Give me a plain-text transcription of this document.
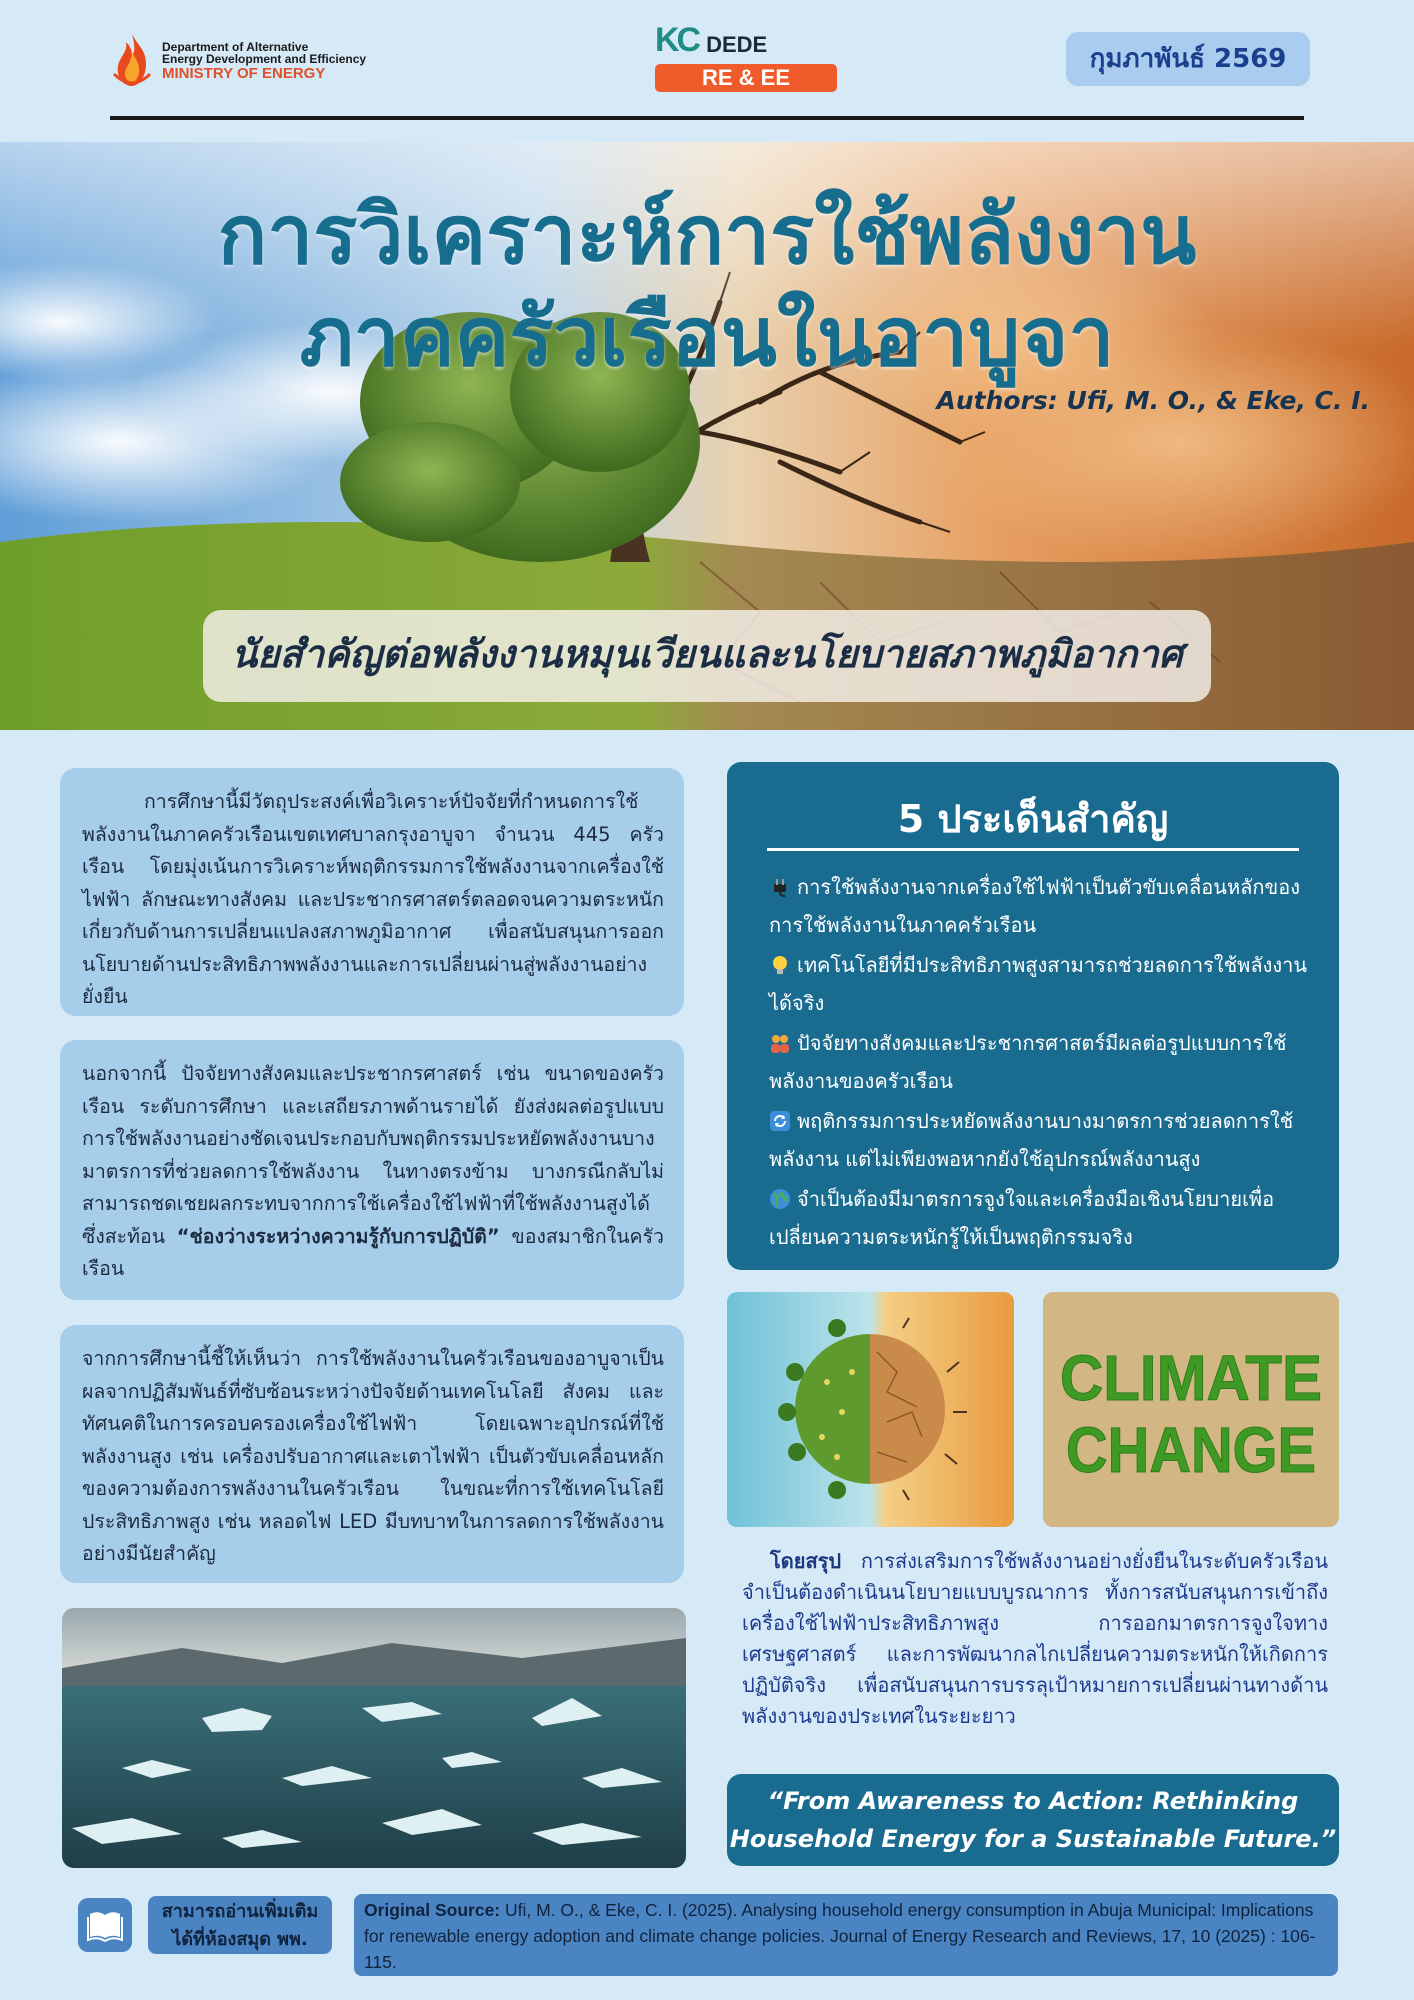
Department of Alternative
Energy Development and Efficiency
MINISTRY OF ENERGY
KC DEDE
RE & EE
กุมภาพันธ์ 2569
การวิเคราะห์การใช้พลังงาน
ภาคครัวเรือนในอาบูจา
Authors: Ufi, M. O., & Eke, C. I.
นัยสำคัญต่อพลังงานหมุนเวียนและนโยบายสภาพภูมิอากาศ

การศึกษานี้มีวัตถุประสงค์เพื่อวิเคราะห์ปัจจัยที่กำหนดการใช้พลังงานในภาคครัวเรือนเขตเทศบาลกรุงอาบูจา จำนวน 445 ครัวเรือน โดยมุ่งเน้นการวิเคราะห์พฤติกรรมการใช้พลังงานจากเครื่องใช้ไฟฟ้า ลักษณะทางสังคม และประชากรศาสตร์ตลอดจนความตระหนักเกี่ยวกับด้านการเปลี่ยนแปลงสภาพภูมิอากาศ เพื่อสนับสนุนการออกนโยบายด้านประสิทธิภาพพลังงานและการเปลี่ยนผ่านสู่พลังงานอย่างยั่งยืน

นอกจากนี้ ปัจจัยทางสังคมและประชากรศาสตร์ เช่น ขนาดของครัวเรือน ระดับการศึกษา และเสถียรภาพด้านรายได้ ยังส่งผลต่อรูปแบบการใช้พลังงานอย่างชัดเจนประกอบกับพฤติกรรมประหยัดพลังงานบางมาตรการที่ช่วยลดการใช้พลังงาน ในทางตรงข้าม บางกรณีกลับไม่สามารถชดเชยผลกระทบจากการใช้เครื่องใช้ไฟฟ้าที่ใช้พลังงานสูงได้ซึ่งสะท้อน “ช่องว่างระหว่างความรู้กับการปฏิบัติ” ของสมาชิกในครัวเรือน

จากการศึกษานี้ชี้ให้เห็นว่า การใช้พลังงานในครัวเรือนของอาบูจาเป็นผลจากปฏิสัมพันธ์ที่ซับซ้อนระหว่างปัจจัยด้านเทคโนโลยี สังคม และทัศนคติในการครอบครองเครื่องใช้ไฟฟ้า โดยเฉพาะอุปกรณ์ที่ใช้พลังงานสูง เช่น เครื่องปรับอากาศและเตาไฟฟ้า เป็นตัวขับเคลื่อนหลักของความต้องการพลังงานในครัวเรือน ในขณะที่การใช้เทคโนโลยีประสิทธิภาพสูง เช่น หลอดไฟ LED มีบทบาทในการลดการใช้พลังงานอย่างมีนัยสำคัญ

5 ประเด็นสำคัญ
การใช้พลังงานจากเครื่องใช้ไฟฟ้าเป็นตัวขับเคลื่อนหลักของการใช้พลังงานในภาคครัวเรือน
เทคโนโลยีที่มีประสิทธิภาพสูงสามารถช่วยลดการใช้พลังงานได้จริง
ปัจจัยทางสังคมและประชากรศาสตร์มีผลต่อรูปแบบการใช้พลังงานของครัวเรือน
พฤติกรรมการประหยัดพลังงานบางมาตรการช่วยลดการใช้พลังงาน แต่ไม่เพียงพอหากยังใช้อุปกรณ์พลังงานสูง
จำเป็นต้องมีมาตรการจูงใจและเครื่องมือเชิงนโยบายเพื่อเปลี่ยนความตระหนักรู้ให้เป็นพฤติกรรมจริง
CLIMATE
CHANGE

โดยสรุป การส่งเสริมการใช้พลังงานอย่างยั่งยืนในระดับครัวเรือนจำเป็นต้องดำเนินนโยบายแบบบูรณาการ ทั้งการสนับสนุนการเข้าถึงเครื่องใช้ไฟฟ้าประสิทธิภาพสูง การออกมาตรการจูงใจทางเศรษฐศาสตร์ และการพัฒนากลไกเปลี่ยนความตระหนักให้เกิดการปฏิบัติจริง เพื่อสนับสนุนการบรรลุเป้าหมายการเปลี่ยนผ่านทางด้านพลังงานของประเทศในระยะยาว

“From Awareness to Action: Rethinking
Household Energy for a Sustainable Future.”
สามารถอ่านเพิ่มเติม
ได้ที่ห้องสมุด พพ.
Original Source: Ufi, M. O., & Eke, C. I. (2025). Analysing household energy consumption in Abuja Municipal: Implications for renewable energy adoption and climate change policies. Journal of Energy Research and Reviews, 17, 10 (2025) : 106-115.
